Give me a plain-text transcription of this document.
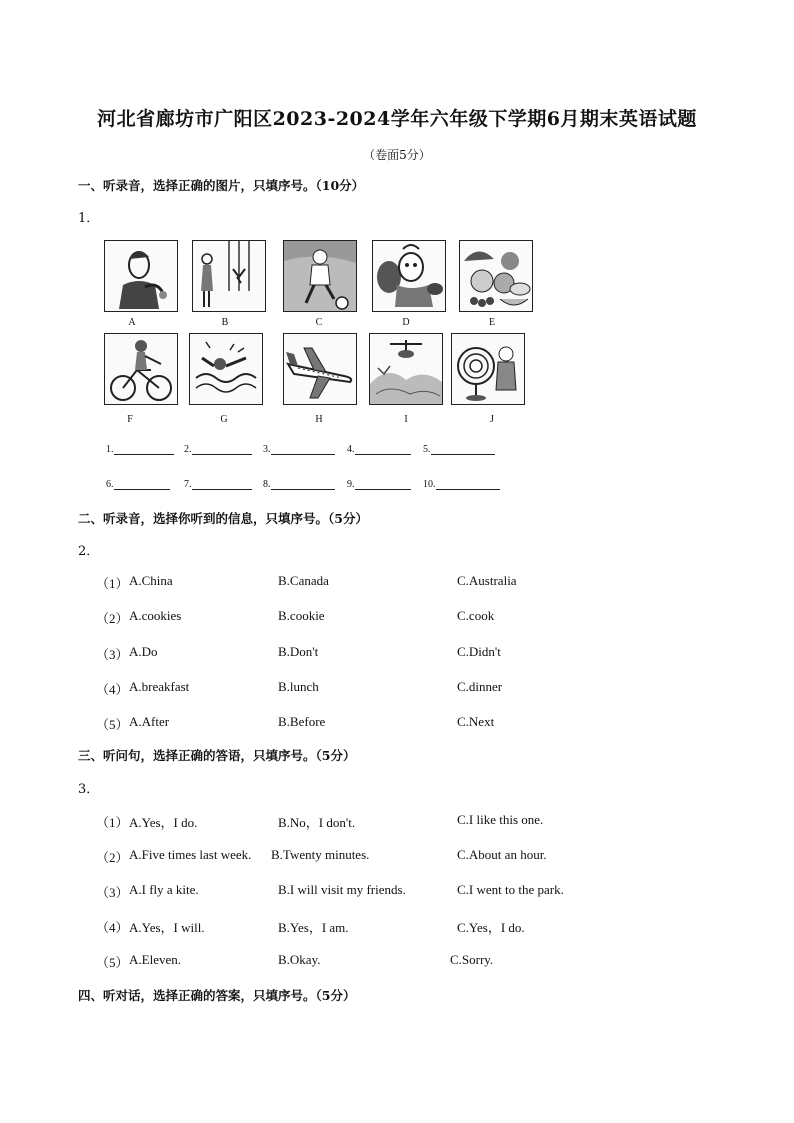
河北省廊坊市广阳区2023-2024学年六年级下学期6月期末英语试题
（卷面5分）
一、听录音，选择正确的图片，只填序号。（10分）
1．
A	B	C	D	E
F	G	H	I	J
1.	2.	3.	4.	5.
6.	7.	8.	9.	10.
二、听录音，选择你听到的信息，只填序号。（5分）
2．
（1） A.China	B.Canada	C.Australia
（2） A.cookies	B.cookie	C.cook
（3） A.Do	B.Don't	C.Didn't
（4） A.breakfast	B.lunch	C.dinner
（5） A.After	B.Before	C.Next
三、听问句，选择正确的答语，只填序号。（5分）
3．
（1） A.Yes，I do.	B.No，I don't.	C.I like this one.
（2） A.Five times last week. B.Twenty minutes.	C.About an hour.
（3） A.I fly a kite.	B.I will visit my friends.	C.I went to the park.
（4） A.Yes，I will.	B.Yes，I am.	C.Yes，I do.
（5） A.Eleven.	B.Okay.	C.Sorry.
四、听对话，选择正确的答案，只填序号。（5分）
